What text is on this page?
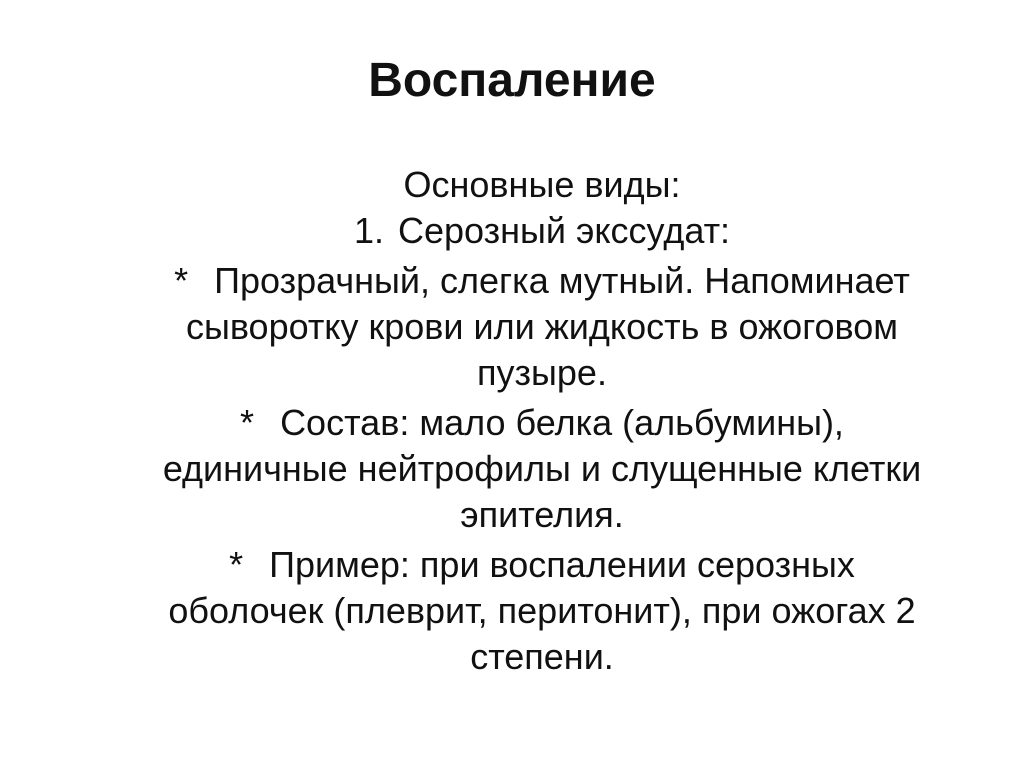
Воспаление
Основные виды:
1. Серозный экссудат:
* Прозрачный, слегка мутный. Напоминает
сыворотку крови или жидкость в ожоговом
пузыре.
* Состав: мало белка (альбумины),
единичные нейтрофилы и слущенные клетки
эпителия.
* Пример: при воспалении серозных
оболочек (плеврит, перитонит), при ожогах 2
степени.
